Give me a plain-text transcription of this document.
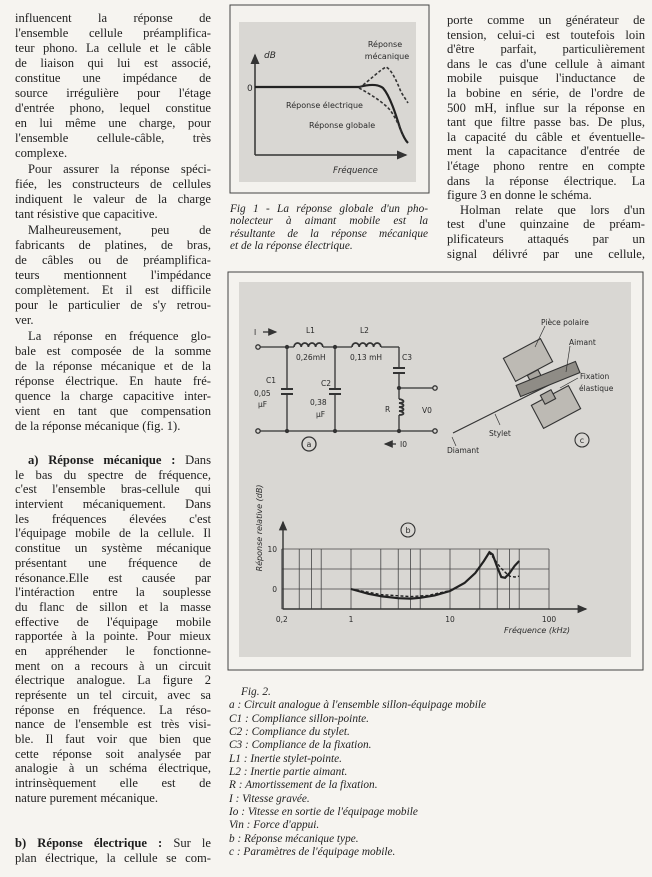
influencent la réponse de
l'ensemble cellule préamplifica-
teur phono. La cellule et le câble
de liaison qui lui est associé,
constitue une impédance de
source irrégulière pour l'étage
d'entrée phono, lequel constitue
en lui même une charge, pour
l'ensemble cellule-câble, très
complexe.
Pour assurer la réponse spéci-
fiée, les constructeurs de cellules
indiquent le valeur de la charge
tant résistive que capacitive.
Malheureusement, peu de
fabricants de platines, de bras,
de câbles ou de préamplifica-
teurs mentionnent l'impédance
complètement. Et il est difficile
pour le particulier de s'y retrou-
ver.
La réponse en fréquence glo-
bale est composée de la somme
de la réponse mécanique et de la
réponse électrique. En haute fré-
quence la charge capacitive inter-
vient en tant que compensation
de la réponse mécanique (fig. 1).
a) Réponse mécanique : Dans
le bas du spectre de fréquence,
c'est l'ensemble bras-cellule qui
intervient mécaniquement. Dans
les fréquences élevées c'est
l'équipage mobile de la cellule. Il
constitue un système mécanique
présentant une fréquence de
résonance.Elle est causée par
l'intéraction entre la souplesse
du flanc de sillon et la masse
effective de l'équipage mobile
rapportée à la pointe. Pour mieux
en appréhender le fonctionne-
ment on a recours à un circuit
électrique analogue. La figure 2
représente un tel circuit, avec sa
réponse en fréquence. La réso-
nance de l'ensemble est très visi-
ble. Il faut voir que bien que
cette réponse soit analysée par
analogie à un schéma électrique,
intrinsèquement elle est de
nature purement mécanique.
b) Réponse électrique : Sur le
plan électrique, la cellule se com-
porte comme un générateur de
tension, celui-ci est toutefois loin
d'être parfait, particulièrement
dans le cas d'une cellule à aimant
mobile puisque l'inductance de
la bobine en série, de l'ordre de
500 mH, influe sur la réponse en
tant que filtre passe bas. De plus,
la capacité du câble et éventuelle-
ment la capacitance d'entrée de
l'étage phono rentre en compte
dans la réponse électrique. La
figure 3 en donne le schéma.
Holman relate que lors d'un
test d'une quinzaine de préam-
plificateurs attaqués par un
signal délivré par une cellule,
Fig 1 - La réponse globale d'un pho-
nolecteur à aimant mobile est la
résultante de la réponse mécanique
et de la réponse électrique.
Fig. 2.
a : Circuit analogue à l'ensemble sillon-équipage mobile
C1 : Compliance sillon-pointe.
C2 : Compliance du stylet.
C3 : Compliance de la fixation.
L1 : Inertie stylet-pointe.
L2 : Inertie partie aimant.
R : Amortissement de la fixation.
I : Vitesse gravée.
Io : Vitesse en sortie de l'équipage mobile
Vin : Force d'appui.
b : Réponse mécanique type.
c : Paramètres de l'équipage mobile.
dB
0
Réponse
mécanique
Réponse électrique
Réponse globale
Fréquence
I	L1
0,26mH
L2
0,13 mH	C3
C1
0,05
µF
C2
0,38
µF
R	V0
I0
a
Pièce polaire
Aimant
Fixation
élastique
Stylet
Diamant
c
0,2	1	10	100
10
0
Fréquence (kHz)
Réponse relative (dB)	b
